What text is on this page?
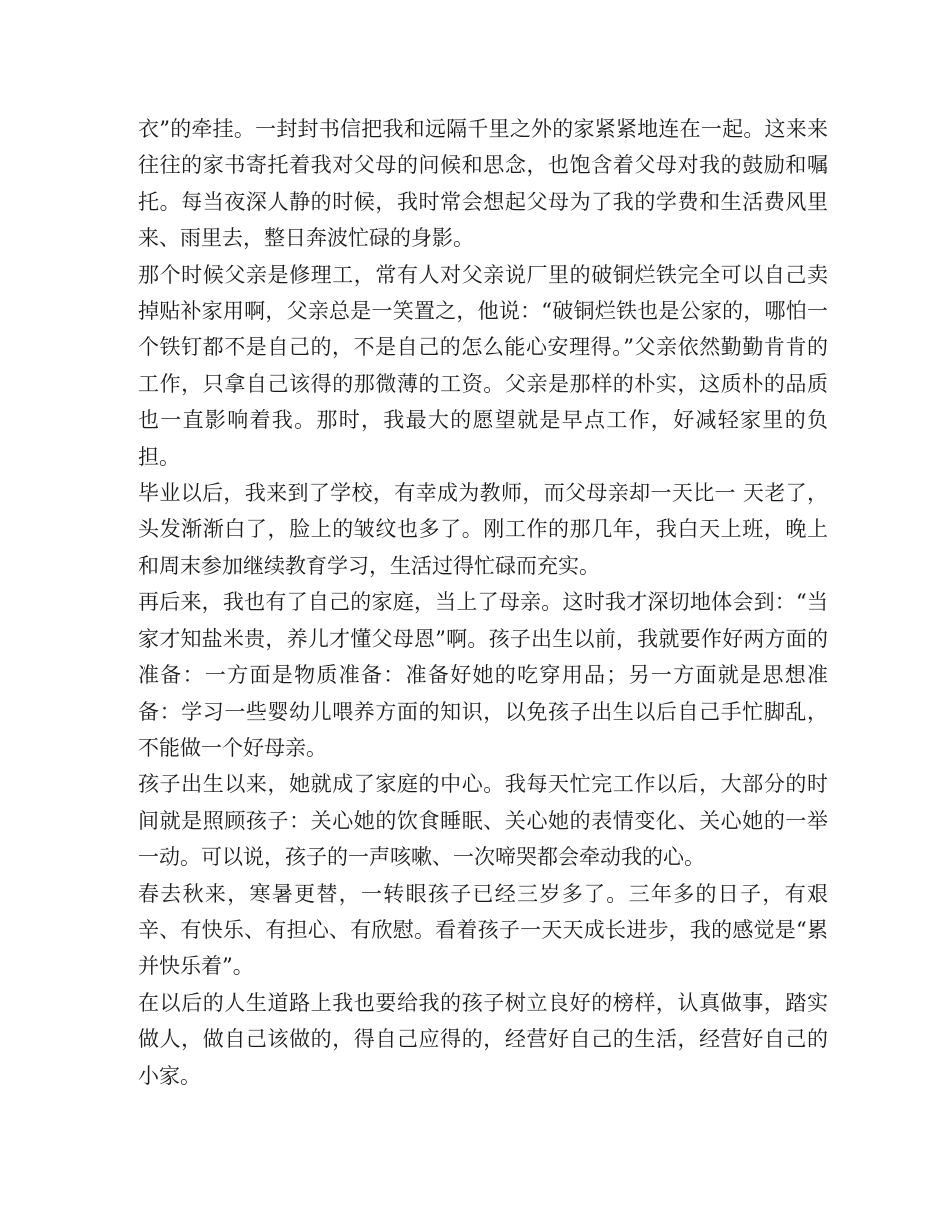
衣”的牵挂。一封封书信把我和远隔千里之外的家紧紧地连在一起。这来来往往的家书寄托着我对父母的问候和思念，也饱含着父母对我的鼓励和嘱托。每当夜深人静的时候，我时常会想起父母为了我的学费和生活费风里来、雨里去，整日奔波忙碌的身影。

那个时候父亲是修理工，常有人对父亲说厂里的破铜烂铁完全可以自己卖掉贴补家用啊，父亲总是一笑置之，他说：“破铜烂铁也是公家的，哪怕一个铁钉都不是自己的，不是自己的怎么能心安理得。”父亲依然勤勤肯肯的工作，只拿自己该得的那微薄的工资。父亲是那样的朴实，这质朴的品质也一直影响着我。那时，我最大的愿望就是早点工作，好减轻家里的负担。

毕业以后，我来到了学校，有幸成为教师，而父母亲却一天比一 天老了，头发渐渐白了，脸上的皱纹也多了。刚工作的那几年，我白天上班，晚上和周末参加继续教育学习，生活过得忙碌而充实。

再后来，我也有了自己的家庭，当上了母亲。这时我才深切地体会到：“当家才知盐米贵，养儿才懂父母恩”啊。孩子出生以前，我就要作好两方面的准备：一方面是物质准备：准备好她的吃穿用品；另一方面就是思想准备：学习一些婴幼儿喂养方面的知识，以免孩子出生以后自己手忙脚乱，不能做一个好母亲。

孩子出生以来，她就成了家庭的中心。我每天忙完工作以后，大部分的时间就是照顾孩子：关心她的饮食睡眠、关心她的表情变化、关心她的一举一动。可以说，孩子的一声咳嗽、一次啼哭都会牵动我的心。

春去秋来，寒暑更替，一转眼孩子已经三岁多了。三年多的日子，有艰辛、有快乐、有担心、有欣慰。看着孩子一天天成长进步，我的感觉是“累并快乐着”。

在以后的人生道路上我也要给我的孩子树立良好的榜样，认真做事，踏实做人，做自己该做的，得自己应得的，经营好自己的生活，经营好自己的小家。
